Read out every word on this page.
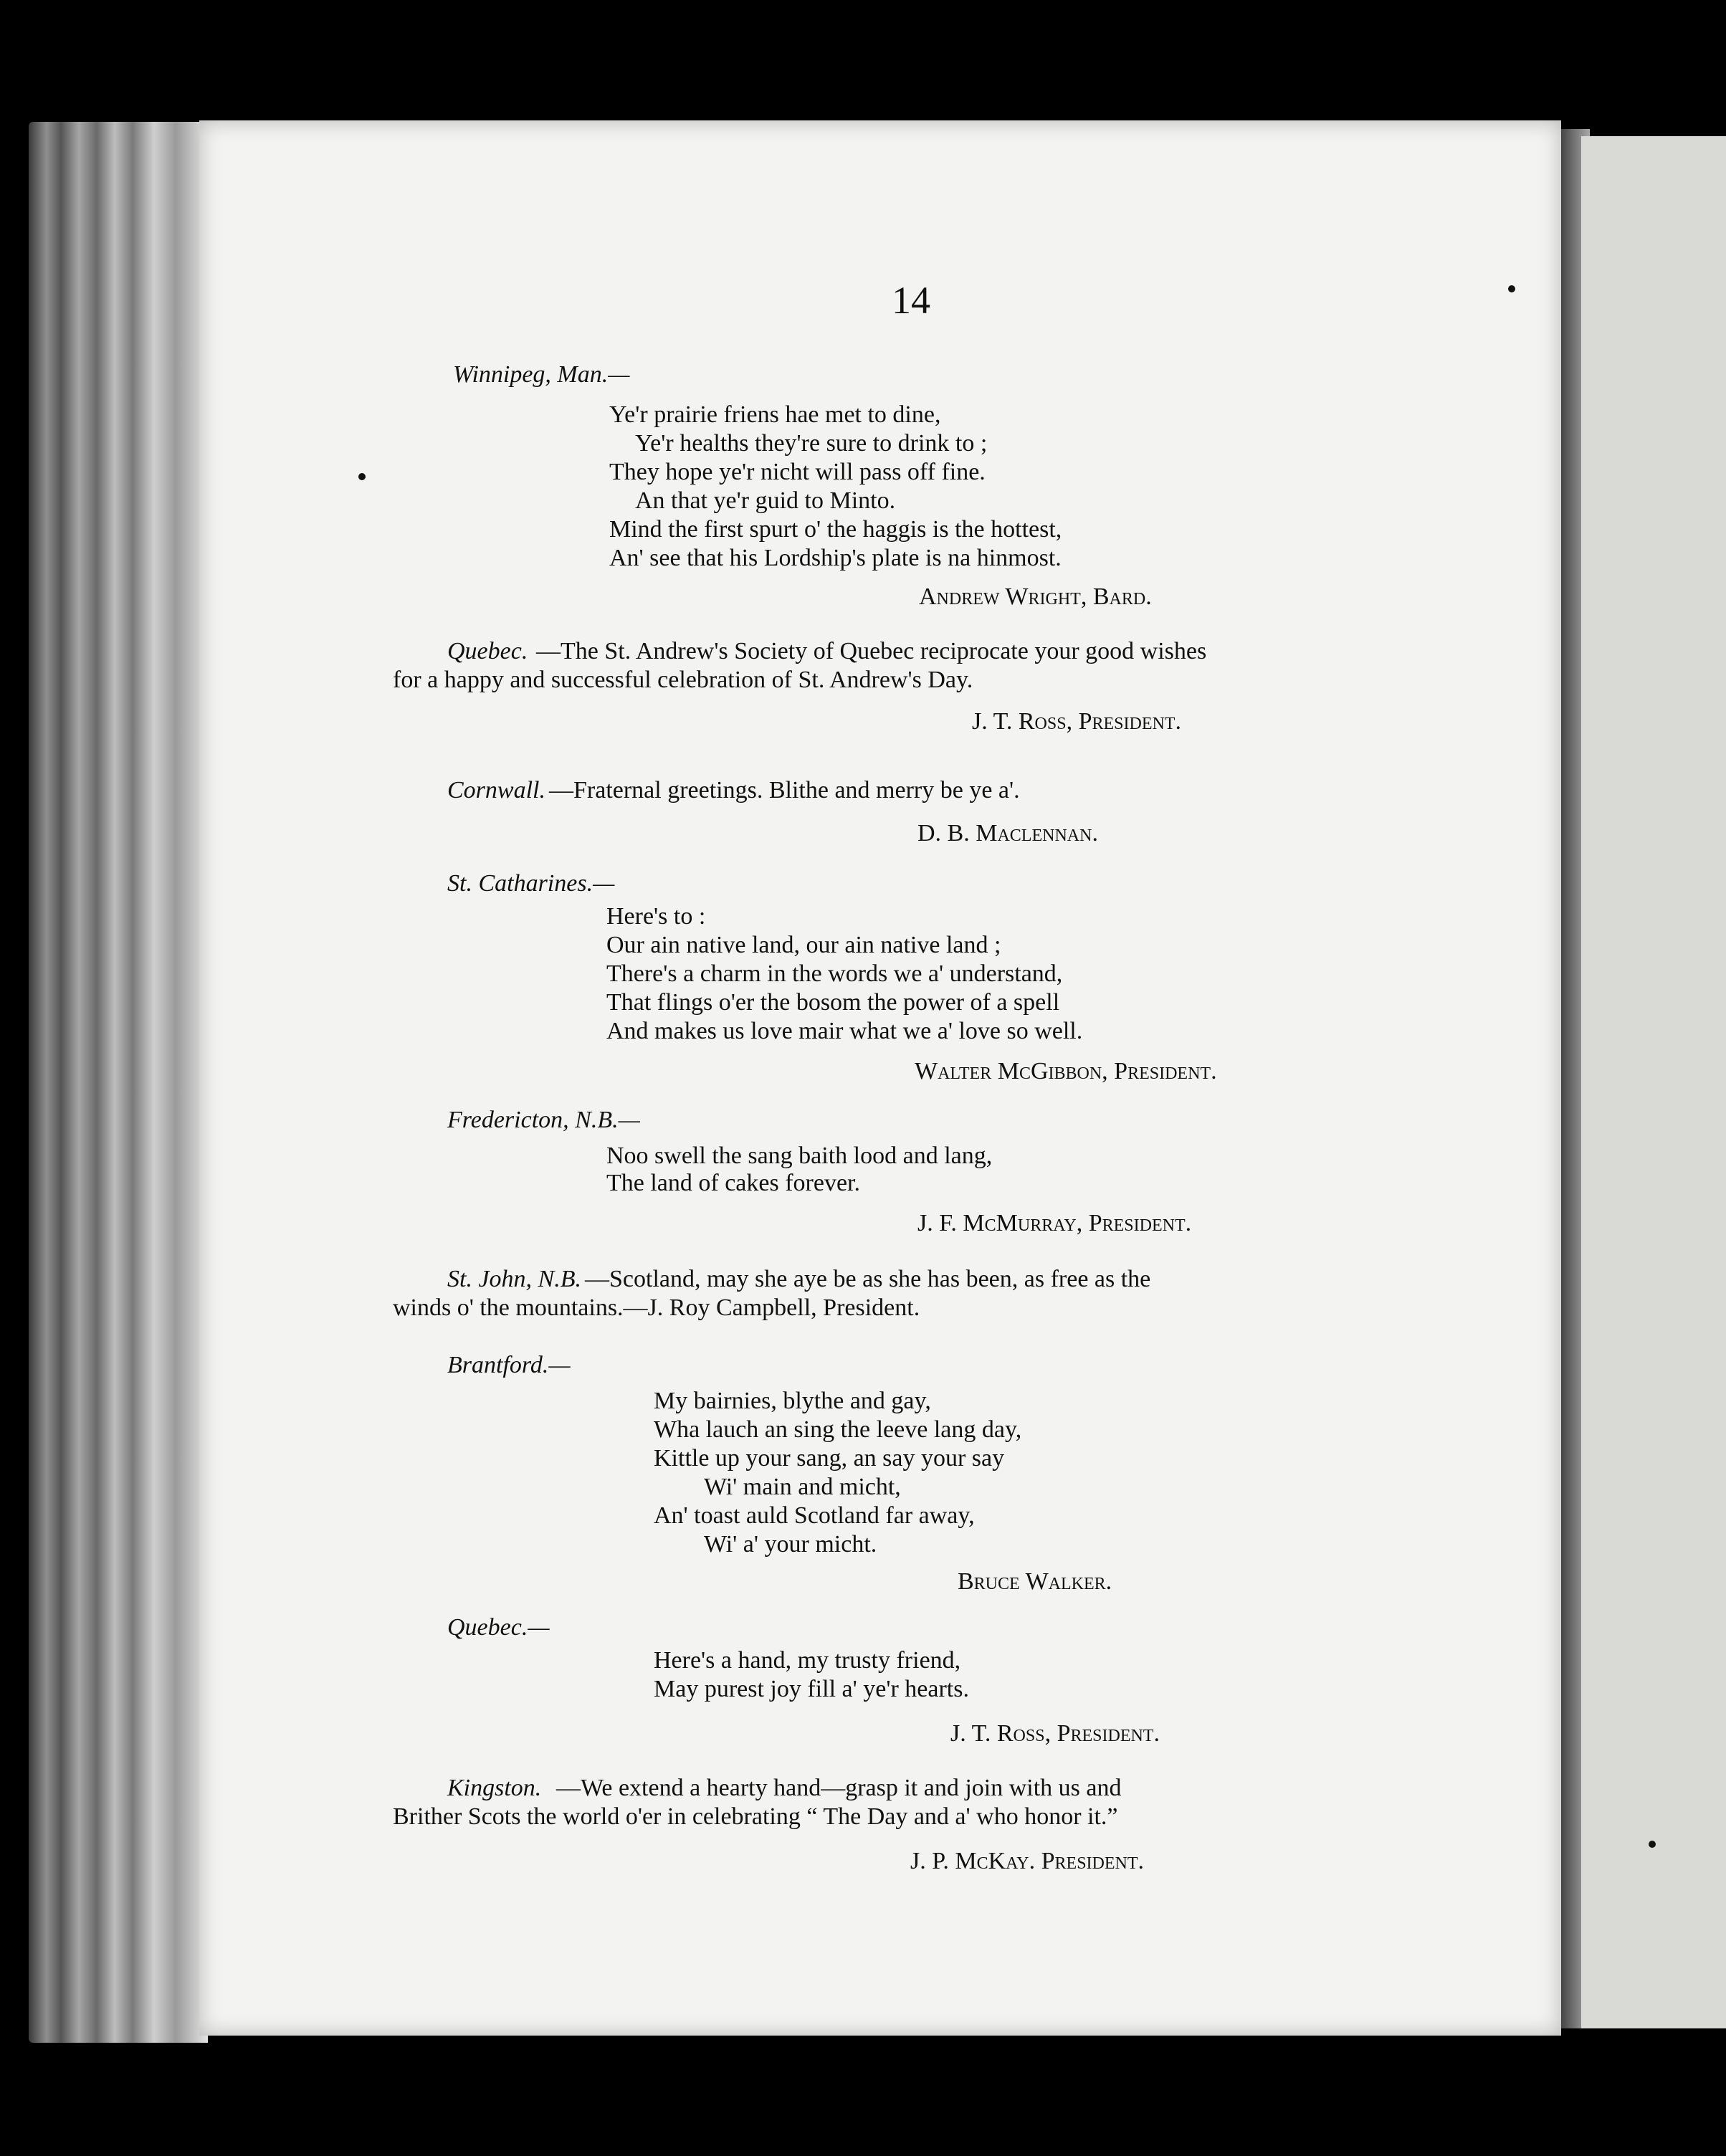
14
Winnipeg, Man.—
Ye'r prairie friens hae met to dine,
Ye'r healths they're sure to drink to ;
They hope ye'r nicht will pass off fine.
An that ye'r guid to Minto.
Mind the first spurt o' the haggis is the hottest,
An' see that his Lordship's plate is na hinmost.
Andrew Wright, Bard.
Quebec. —The St. Andrew's Society of Quebec reciprocate your good wishes
for a happy and successful celebration of St. Andrew's Day.
J. T. Ross, President.
Cornwall. —Fraternal greetings. Blithe and merry be ye a'.
D. B. Maclennan.
St. Catharines.—
Here's to :
Our ain native land, our ain native land ;
There's a charm in the words we a' understand,
That flings o'er the bosom the power of a spell
And makes us love mair what we a' love so well.
Walter McGibbon, President.
Fredericton, N.B.—
Noo swell the sang baith lood and lang,
The land of cakes forever.
J. F. McMurray, President.
St. John, N.B. —Scotland, may she aye be as she has been, as free as the
winds o' the mountains.—J. Roy Campbell, President.
Brantford.—
My bairnies, blythe and gay,
Wha lauch an sing the leeve lang day,
Kittle up your sang, an say your say
Wi' main and micht,
An' toast auld Scotland far away,
Wi' a' your micht.
Bruce Walker.
Quebec.—
Here's a hand, my trusty friend,
May purest joy fill a' ye'r hearts.
J. T. Ross, President.
Kingston. —We extend a hearty hand—grasp it and join with us and
Brither Scots the world o'er in celebrating “ The Day and a' who honor it.”
J. P. McKay. President.
